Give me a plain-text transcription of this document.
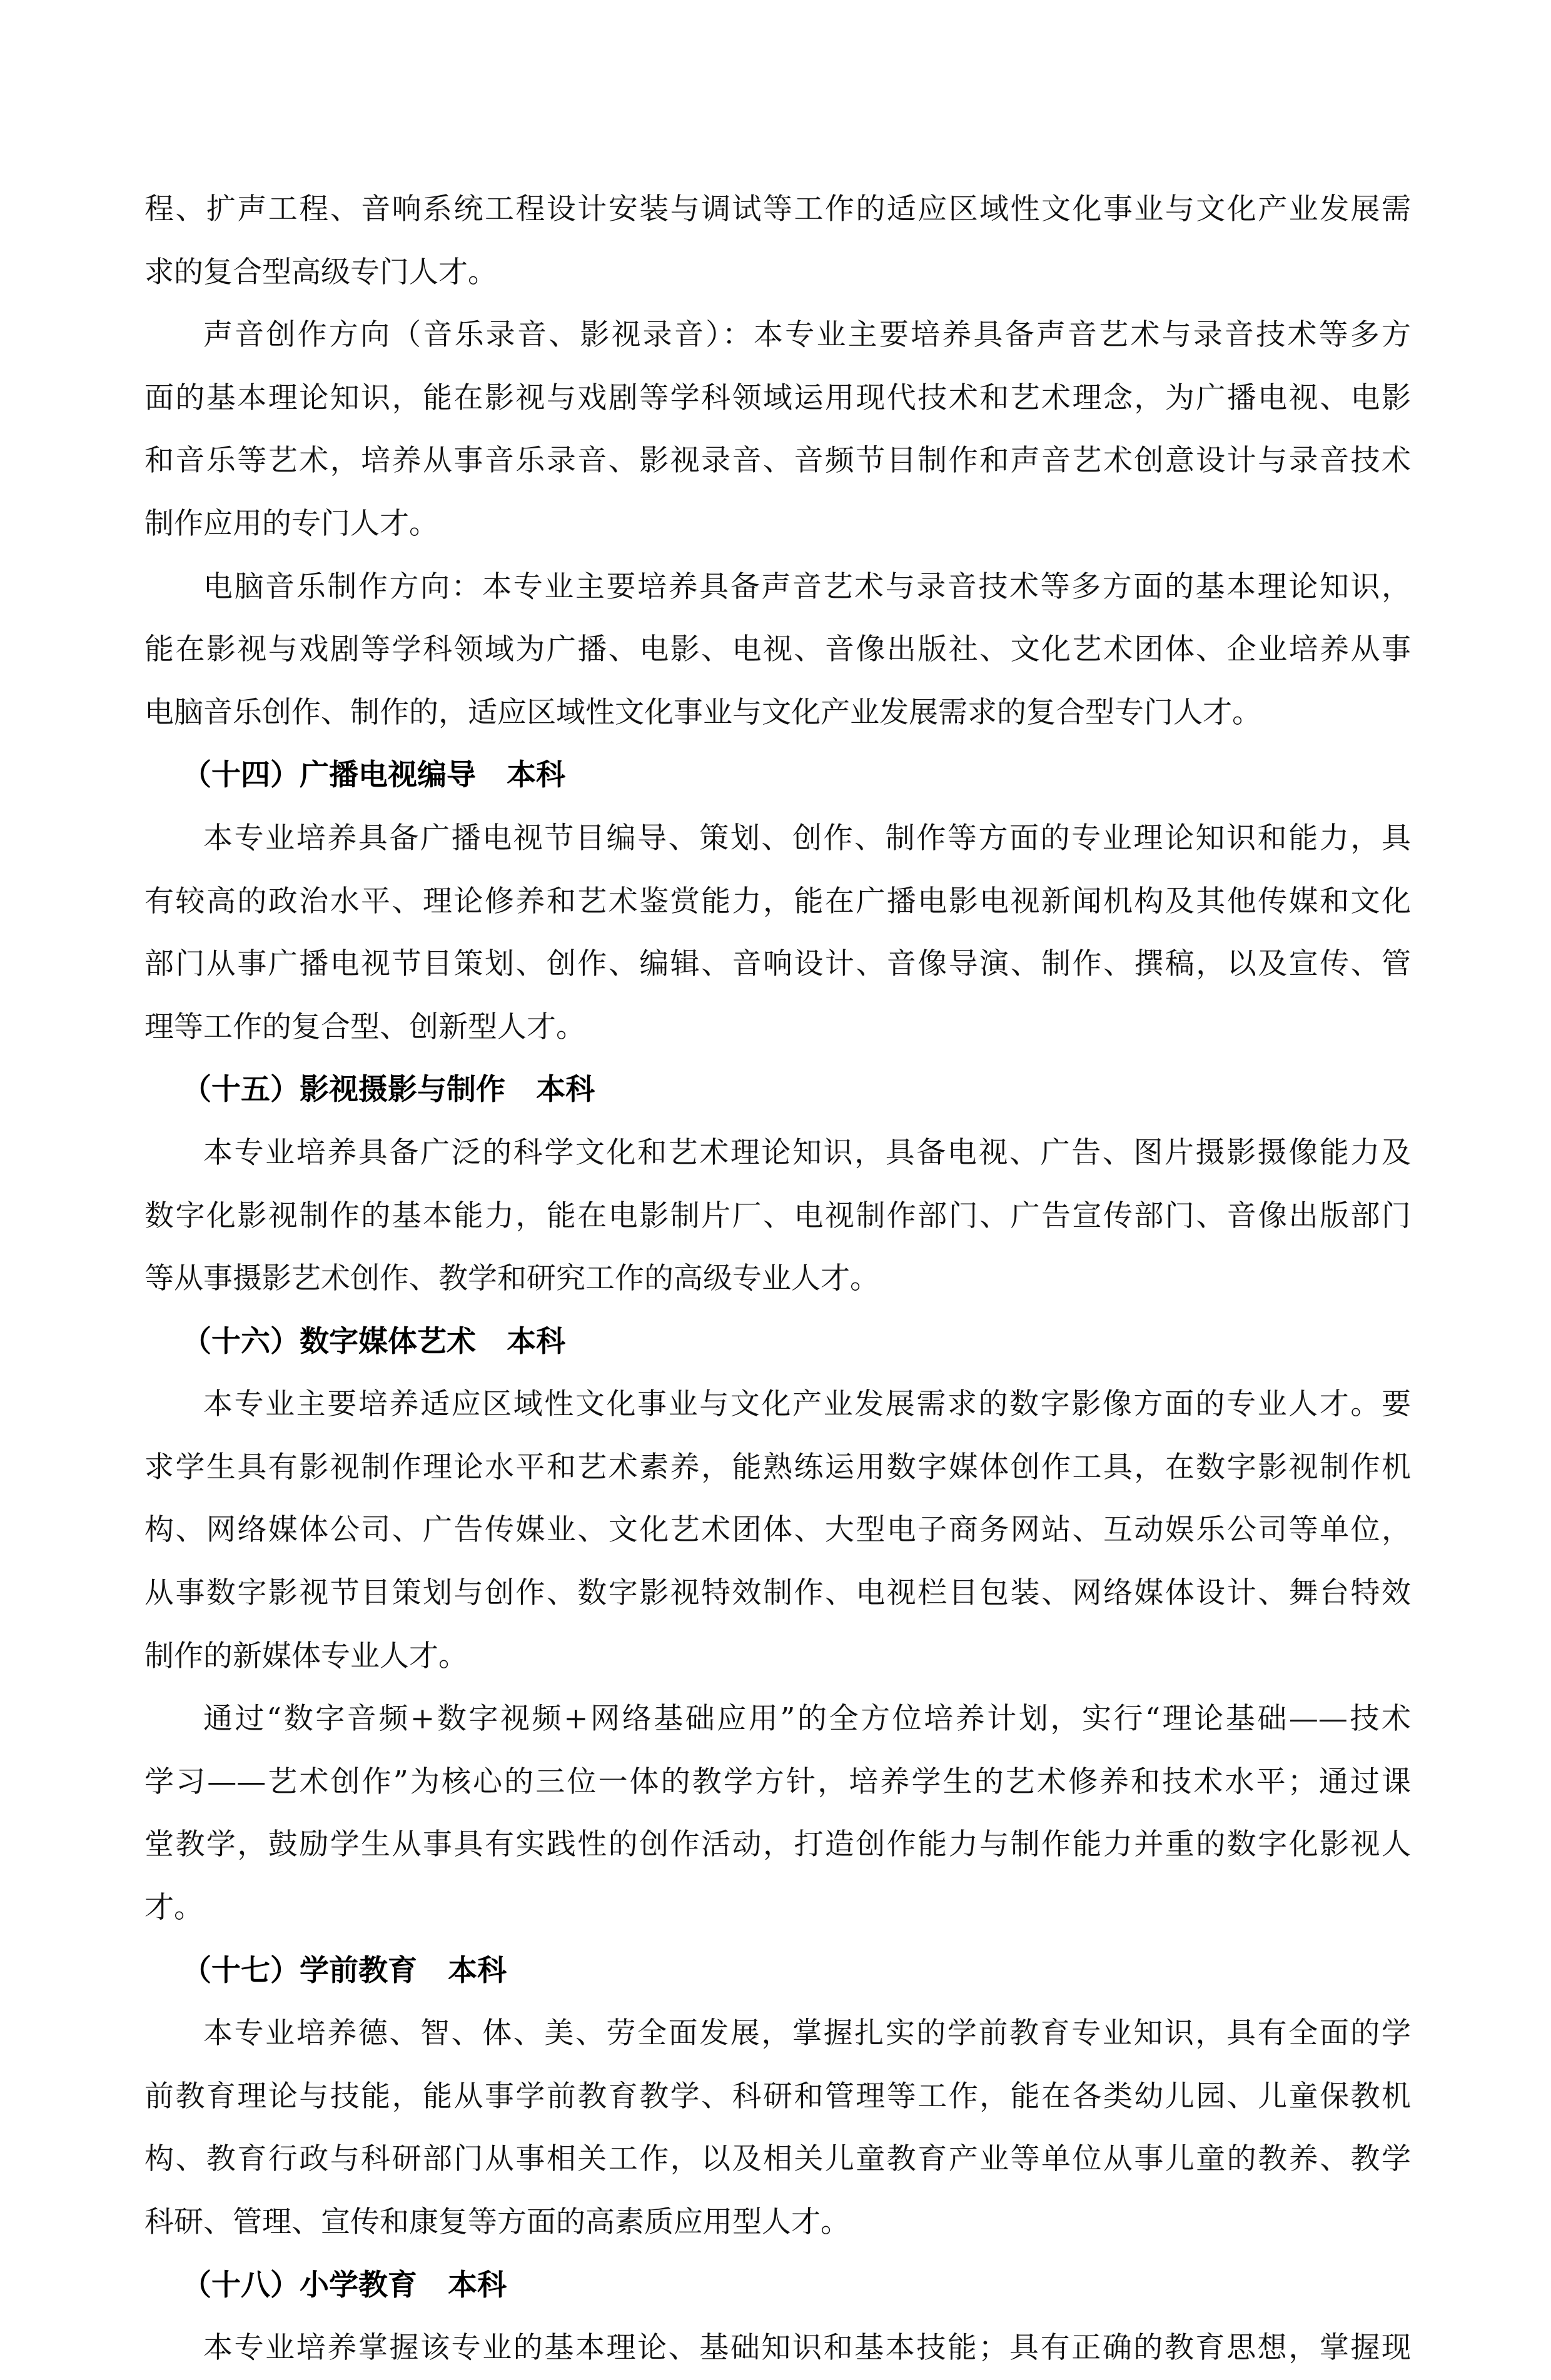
程、扩声工程、音响系统工程设计安装与调试等工作的适应区域性文化事业与文化产业发展需
求的复合型高级专门人才。
声音创作方向（音乐录音、影视录音）：本专业主要培养具备声音艺术与录音技术等多方
面的基本理论知识，能在影视与戏剧等学科领域运用现代技术和艺术理念，为广播电视、电影
和音乐等艺术，培养从事音乐录音、影视录音、音频节目制作和声音艺术创意设计与录音技术
制作应用的专门人才。
电脑音乐制作方向：本专业主要培养具备声音艺术与录音技术等多方面的基本理论知识，
能在影视与戏剧等学科领域为广播、电影、电视、音像出版社、文化艺术团体、企业培养从事
电脑音乐创作、制作的，适应区域性文化事业与文化产业发展需求的复合型专门人才。
（十四）广播电视编导   本科
本专业培养具备广播电视节目编导、策划、创作、制作等方面的专业理论知识和能力，具
有较高的政治水平、理论修养和艺术鉴赏能力，能在广播电影电视新闻机构及其他传媒和文化
部门从事广播电视节目策划、创作、编辑、音响设计、音像导演、制作、撰稿，以及宣传、管
理等工作的复合型、创新型人才。
（十五）影视摄影与制作   本科
本专业培养具备广泛的科学文化和艺术理论知识，具备电视、广告、图片摄影摄像能力及
数字化影视制作的基本能力，能在电影制片厂、电视制作部门、广告宣传部门、音像出版部门
等从事摄影艺术创作、教学和研究工作的高级专业人才。
（十六）数字媒体艺术   本科
本专业主要培养适应区域性文化事业与文化产业发展需求的数字影像方面的专业人才。要
求学生具有影视制作理论水平和艺术素养，能熟练运用数字媒体创作工具，在数字影视制作机
构、网络媒体公司、广告传媒业、文化艺术团体、大型电子商务网站、互动娱乐公司等单位，
从事数字影视节目策划与创作、数字影视特效制作、电视栏目包装、网络媒体设计、舞台特效
制作的新媒体专业人才。
通过“数字音频+数字视频+网络基础应用”的全方位培养计划，实行“理论基础——技术
学习——艺术创作”为核心的三位一体的教学方针，培养学生的艺术修养和技术水平；通过课
堂教学，鼓励学生从事具有实践性的创作活动，打造创作能力与制作能力并重的数字化影视人
才。
（十七）学前教育   本科
本专业培养德、智、体、美、劳全面发展，掌握扎实的学前教育专业知识，具有全面的学
前教育理论与技能，能从事学前教育教学、科研和管理等工作，能在各类幼儿园、儿童保教机
构、教育行政与科研部门从事相关工作，以及相关儿童教育产业等单位从事儿童的教养、教学
科研、管理、宣传和康复等方面的高素质应用型人才。
（十八）小学教育   本科
本专业培养掌握该专业的基本理论、基础知识和基本技能；具有正确的教育思想，掌握现
